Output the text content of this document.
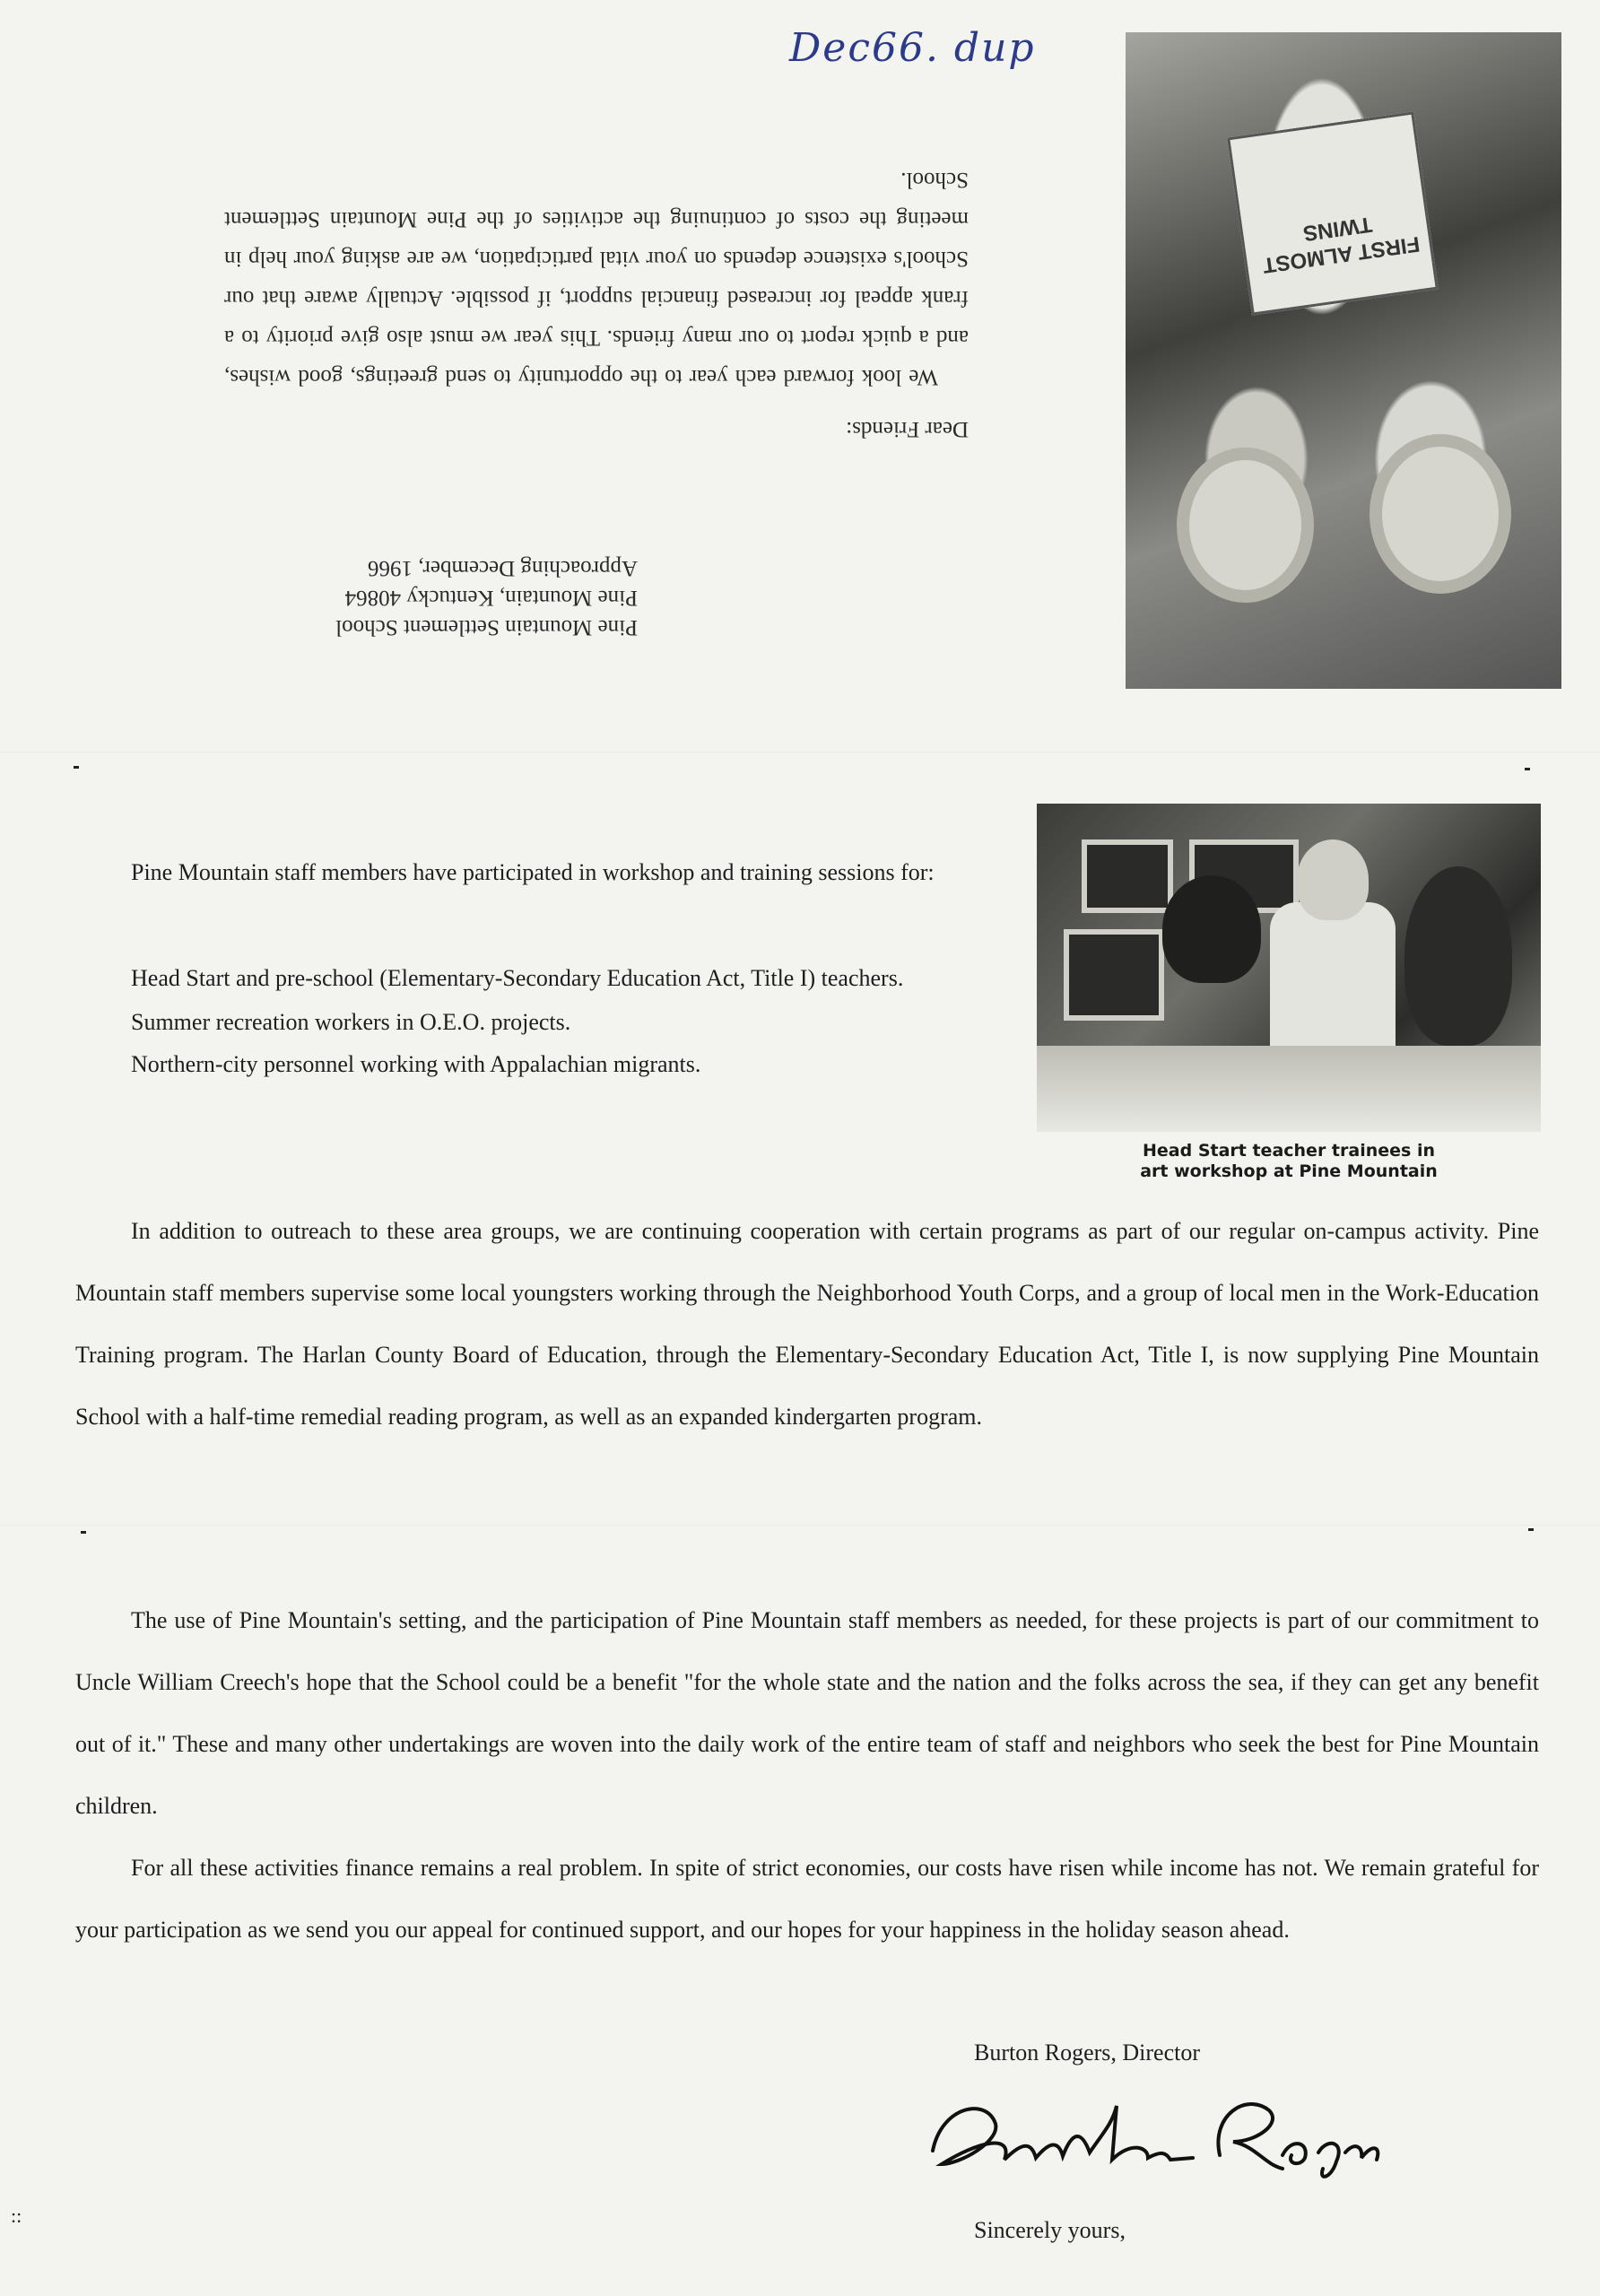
FIRST ALMOST TWINS
Pine Mountain Settlement School
Pine Mountain, Kentucky 40864
Approaching December, 1966
Dear Friends:
We look forward each year to the opportunity to send greetings, good wishes, and a quick report to our many friends. This year we must also give priority to a frank appeal for increased financial support, if possible. Actually aware that our School's existence depends on your vital participation, we are asking your help in meeting the costs of continuing the activities of the Pine Mountain Settlement School.
Dec66. dup
Pine Mountain staff members have participated in workshop and training sessions for:
Head Start and pre-school (Elementary-Secondary Education Act, Title I) teachers.
Summer recreation workers in O.E.O. projects.
Northern-city personnel working with Appalachian migrants.
Head Start teacher trainees in
art workshop at Pine Mountain
In addition to outreach to these area groups, we are continuing cooperation with certain programs as part of our regular on-campus activity. Pine Mountain staff members supervise some local youngsters working through the Neighborhood Youth Corps, and a group of local men in the Work-Education Training program. The Harlan County Board of Education, through the Elementary-Secondary Education Act, Title I, is now supplying Pine Mountain School with a half-time remedial reading program, as well as an expanded kindergarten program.
The use of Pine Mountain's setting, and the participation of Pine Mountain staff members as needed, for these projects is part of our commitment to Uncle William Creech's hope that the School could be a benefit "for the whole state and the nation and the folks across the sea, if they can get any benefit out of it." These and many other undertakings are woven into the daily work of the entire team of staff and neighbors who seek the best for Pine Mountain children.
For all these activities finance remains a real problem. In spite of strict economies, our costs have risen while income has not. We remain grateful for your participation as we send you our appeal for continued support, and our hopes for your happiness in the holiday season ahead.
Burton Rogers, Director
Burton Rogers
Sincerely yours,
::
